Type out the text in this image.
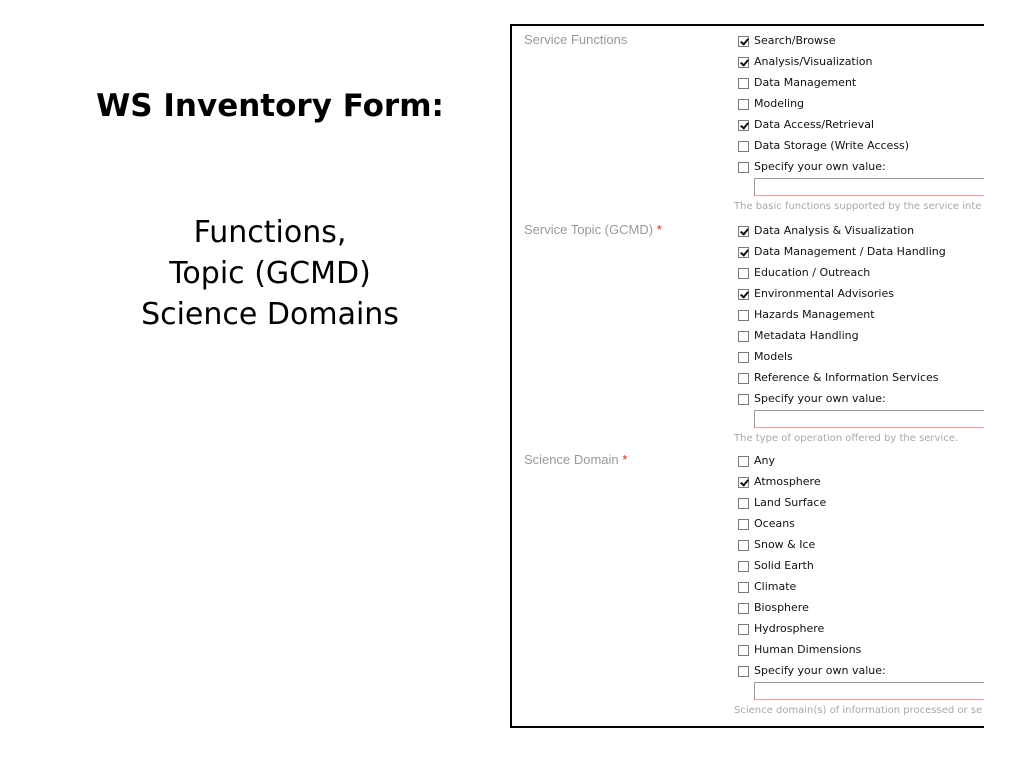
WS Inventory Form:
Functions,
Topic (GCMD)
Science Domains
Service Functions	Search/Browse
Analysis/Visualization
Data Management
Modeling
Data Access/Retrieval
Data Storage (Write Access)
Specify your own value:
The basic functions supported by the service inte
Service Topic (GCMD) *	Data Analysis & Visualization
Data Management / Data Handling
Education / Outreach
Environmental Advisories
Hazards Management
Metadata Handling
Models
Reference & Information Services
Specify your own value:
The type of operation offered by the service.
Science Domain *	Any
Atmosphere
Land Surface
Oceans
Snow & Ice
Solid Earth
Climate
Biosphere
Hydrosphere
Human Dimensions
Specify your own value:
Science domain(s) of information processed or se
